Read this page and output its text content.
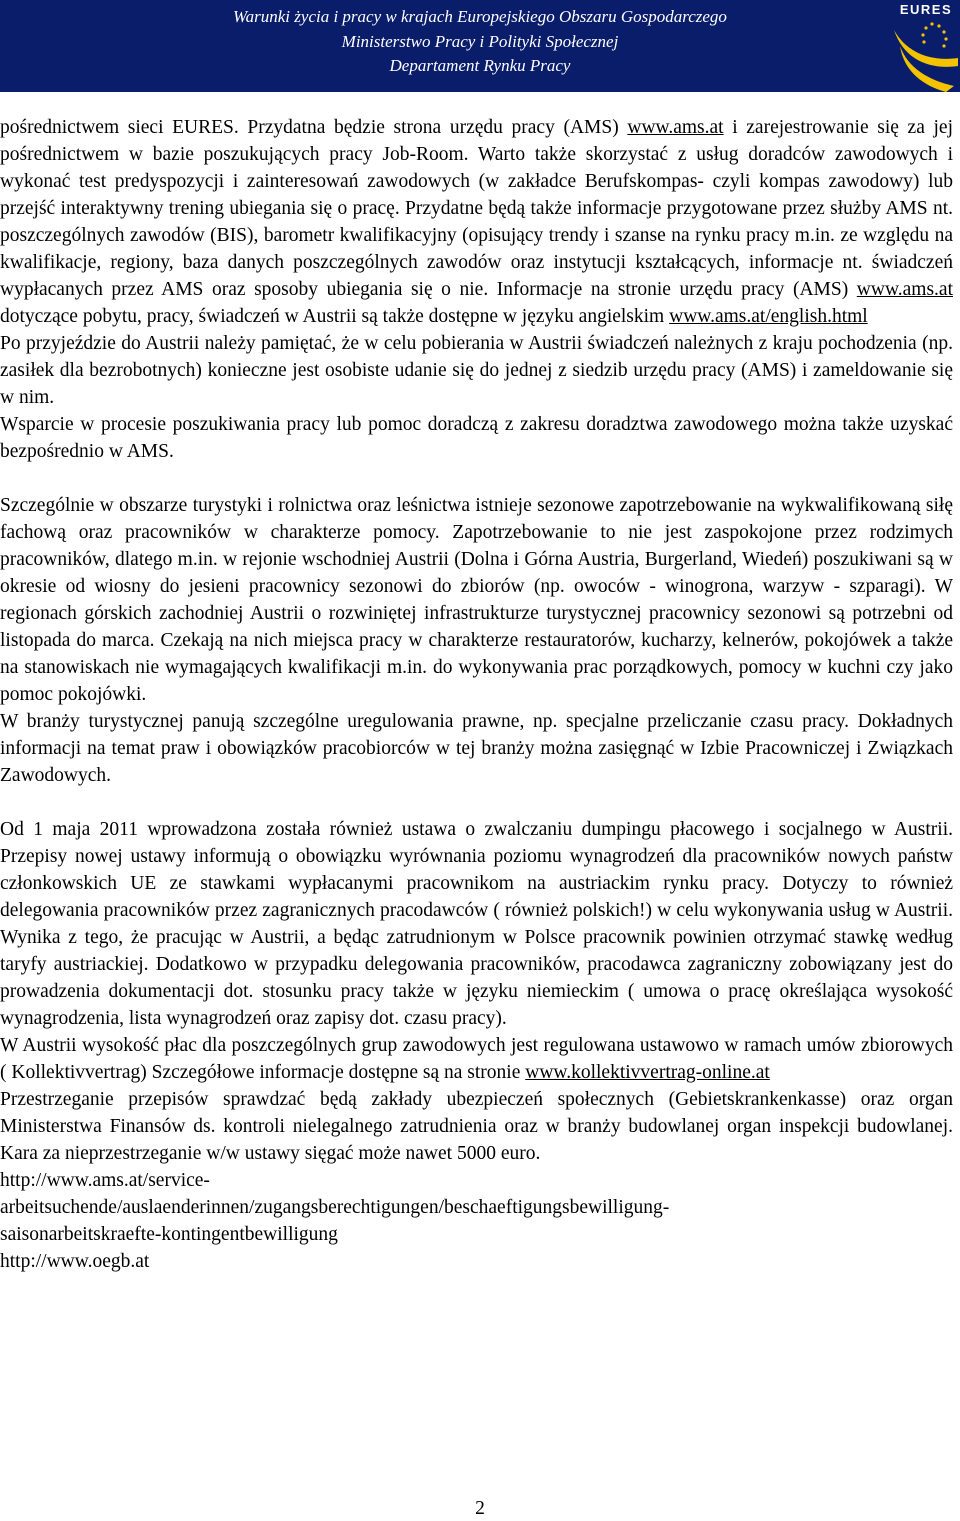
Warunki życia i pracy w krajach Europejskiego Obszaru Gospodarczego
Ministerstwo Pracy i Polityki Społecznej
Departament Rynku Pracy
EURES

pośrednictwem sieci EURES. Przydatna będzie strona urzędu pracy (AMS) www.ams.at i zarejestrowanie się za jej pośrednictwem w bazie poszukujących pracy Job-Room. Warto także skorzystać z usług doradców zawodowych i wykonać test predyspozycji i zainteresowań zawodowych (w zakładce Berufskompas- czyli kompas zawodowy) lub przejść interaktywny trening ubiegania się o pracę. Przydatne będą także informacje przygotowane przez służby AMS nt. poszczególnych zawodów (BIS), barometr kwalifikacyjny (opisujący trendy i szanse na rynku pracy m.in. ze względu na kwalifikacje, regiony, baza danych poszczególnych zawodów oraz instytucji kształcących, informacje nt. świadczeń wypłacanych przez AMS oraz sposoby ubiegania się o nie. Informacje na stronie urzędu pracy (AMS) www.ams.at dotyczące pobytu, pracy, świadczeń w Austrii są także dostępne w języku angielskim www.ams.at/english.html

Po przyjeździe do Austrii należy pamiętać, że w celu pobierania w Austrii świadczeń należnych z kraju pochodzenia (np. zasiłek dla bezrobotnych) konieczne jest osobiste udanie się do jednej z siedzib urzędu pracy (AMS) i zameldowanie się w nim.

Wsparcie w procesie poszukiwania pracy lub pomoc doradczą z zakresu doradztwa zawodowego można także uzyskać bezpośrednio w AMS.

Szczególnie w obszarze turystyki i rolnictwa oraz leśnictwa istnieje sezonowe zapotrzebowanie na wykwalifikowaną siłę fachową oraz pracowników w charakterze pomocy. Zapotrzebowanie to nie jest zaspokojone przez rodzimych pracowników, dlatego m.in. w rejonie wschodniej Austrii (Dolna i Górna Austria, Burgerland, Wiedeń) poszukiwani są w okresie od wiosny do jesieni pracownicy sezonowi do zbiorów (np. owoców - winogrona, warzyw - szparagi). W regionach górskich zachodniej Austrii o rozwiniętej infrastrukturze turystycznej pracownicy sezonowi są potrzebni od listopada do marca. Czekają na nich miejsca pracy w charakterze restauratorów, kucharzy, kelnerów, pokojówek a także na stanowiskach nie wymagających kwalifikacji m.in. do wykonywania prac porządkowych, pomocy w kuchni czy jako pomoc pokojówki.

W branży turystycznej panują szczególne uregulowania prawne, np. specjalne przeliczanie czasu pracy. Dokładnych informacji na temat praw i obowiązków pracobiorców w tej branży można zasięgnąć w Izbie Pracowniczej i Związkach Zawodowych.

Od 1 maja 2011 wprowadzona została również ustawa o zwalczaniu dumpingu płacowego i socjalnego w Austrii. Przepisy nowej ustawy informują o obowiązku wyrównania poziomu wynagrodzeń dla pracowników nowych państw członkowskich UE ze stawkami wypłacanymi pracownikom na austriackim rynku pracy. Dotyczy to również delegowania pracowników przez zagranicznych pracodawców ( również polskich!) w celu wykonywania usług w Austrii. Wynika z tego, że pracując w Austrii, a będąc zatrudnionym w Polsce pracownik powinien otrzymać stawkę według taryfy austriackiej. Dodatkowo w przypadku delegowania pracowników, pracodawca zagraniczny zobowiązany jest do prowadzenia dokumentacji dot. stosunku pracy także w języku niemieckim ( umowa o pracę określająca wysokość wynagrodzenia, lista wynagrodzeń oraz zapisy dot. czasu pracy).

W Austrii wysokość płac dla poszczególnych grup zawodowych jest regulowana ustawowo w ramach umów zbiorowych ( Kollektivvertrag) Szczegółowe informacje dostępne są na stronie www.kollektivvertrag-online.at

Przestrzeganie przepisów sprawdzać będą zakłady ubezpieczeń społecznych (Gebietskrankenkasse) oraz organ Ministerstwa Finansów ds. kontroli nielegalnego zatrudnienia oraz w branży budowlanej organ inspekcji budowlanej. Kara za nieprzestrzeganie w/w ustawy sięgać może nawet 5000 euro.

http://www.ams.at/service-
arbeitsuchende/auslaenderinnen/zugangsberechtigungen/beschaeftigungsbewilligung-
saisonarbeitskraefte-kontingentbewilligung
http://www.oegb.at
2
